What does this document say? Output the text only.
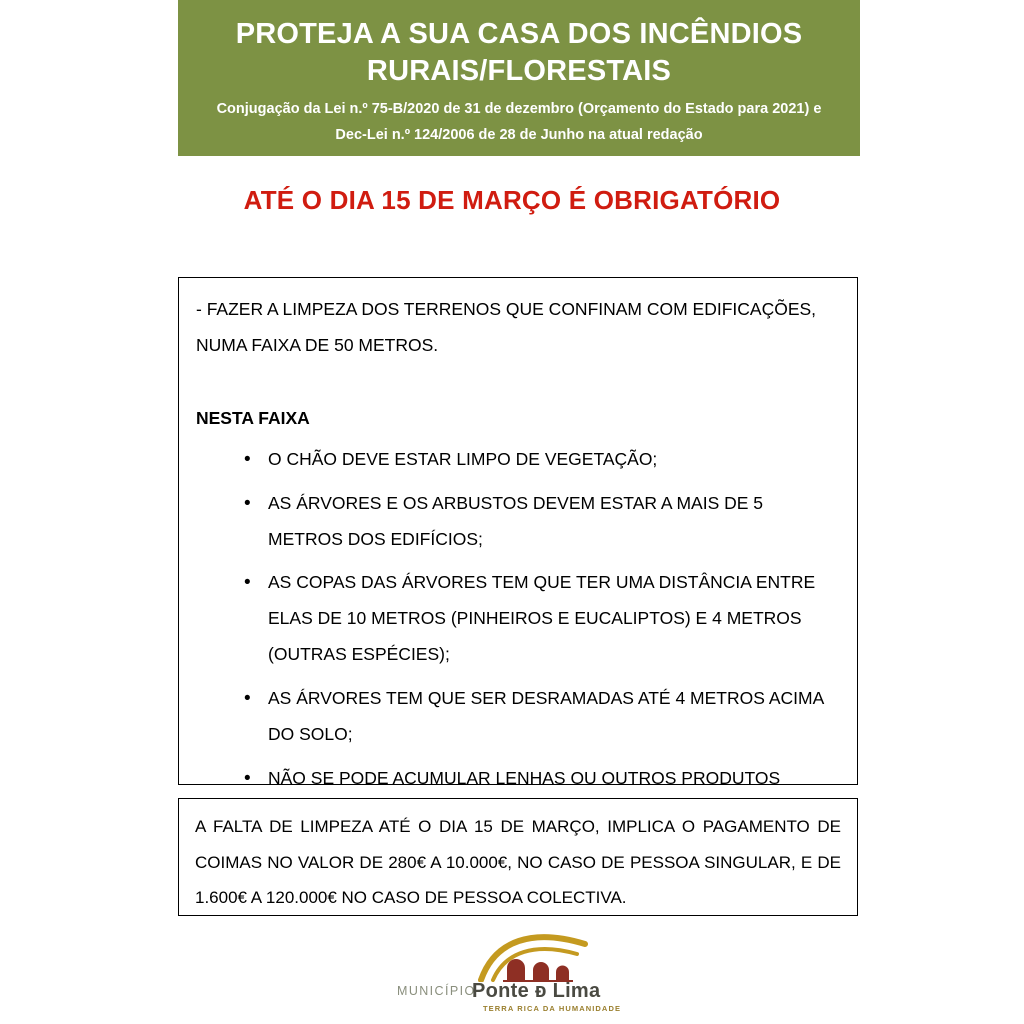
PROTEJA A SUA CASA DOS INCÊNDIOS RURAIS/FLORESTAIS
Conjugação da Lei n.º 75-B/2020 de 31 de dezembro (Orçamento do Estado para 2021) e Dec-Lei n.º 124/2006 de 28 de Junho na atual redação
ATÉ O DIA 15 DE MARÇO É OBRIGATÓRIO
- FAZER A LIMPEZA DOS TERRENOS QUE CONFINAM COM EDIFICAÇÕES,
NUMA FAIXA DE 50 METROS.
NESTA FAIXA
• O CHÃO DEVE ESTAR LIMPO DE VEGETAÇÃO;
• AS ÁRVORES E OS ARBUSTOS DEVEM ESTAR A MAIS DE 5 METROS DOS EDIFÍCIOS;
• AS COPAS DAS ÁRVORES TEM QUE TER UMA DISTÂNCIA ENTRE ELAS DE 10 METROS (PINHEIROS E EUCALIPTOS) E 4 METROS (OUTRAS ESPÉCIES);
• AS ÁRVORES TEM QUE SER DESRAMADAS ATÉ 4 METROS ACIMA DO SOLO;
• NÃO SE PODE ACUMULAR LENHAS OU OUTROS PRODUTOS
A FALTA DE LIMPEZA ATÉ O DIA 15 DE MARÇO, IMPLICA O PAGAMENTO DE COIMAS NO VALOR DE 280€ A 10.000€, NO CASO DE PESSOA SINGULAR, E DE 1.600€ A 120.000€ NO CASO DE PESSOA COLECTIVA.
MUNICÍPIO
Ponte ᴆ Lima
TERRA RICA DA HUMANIDADE
